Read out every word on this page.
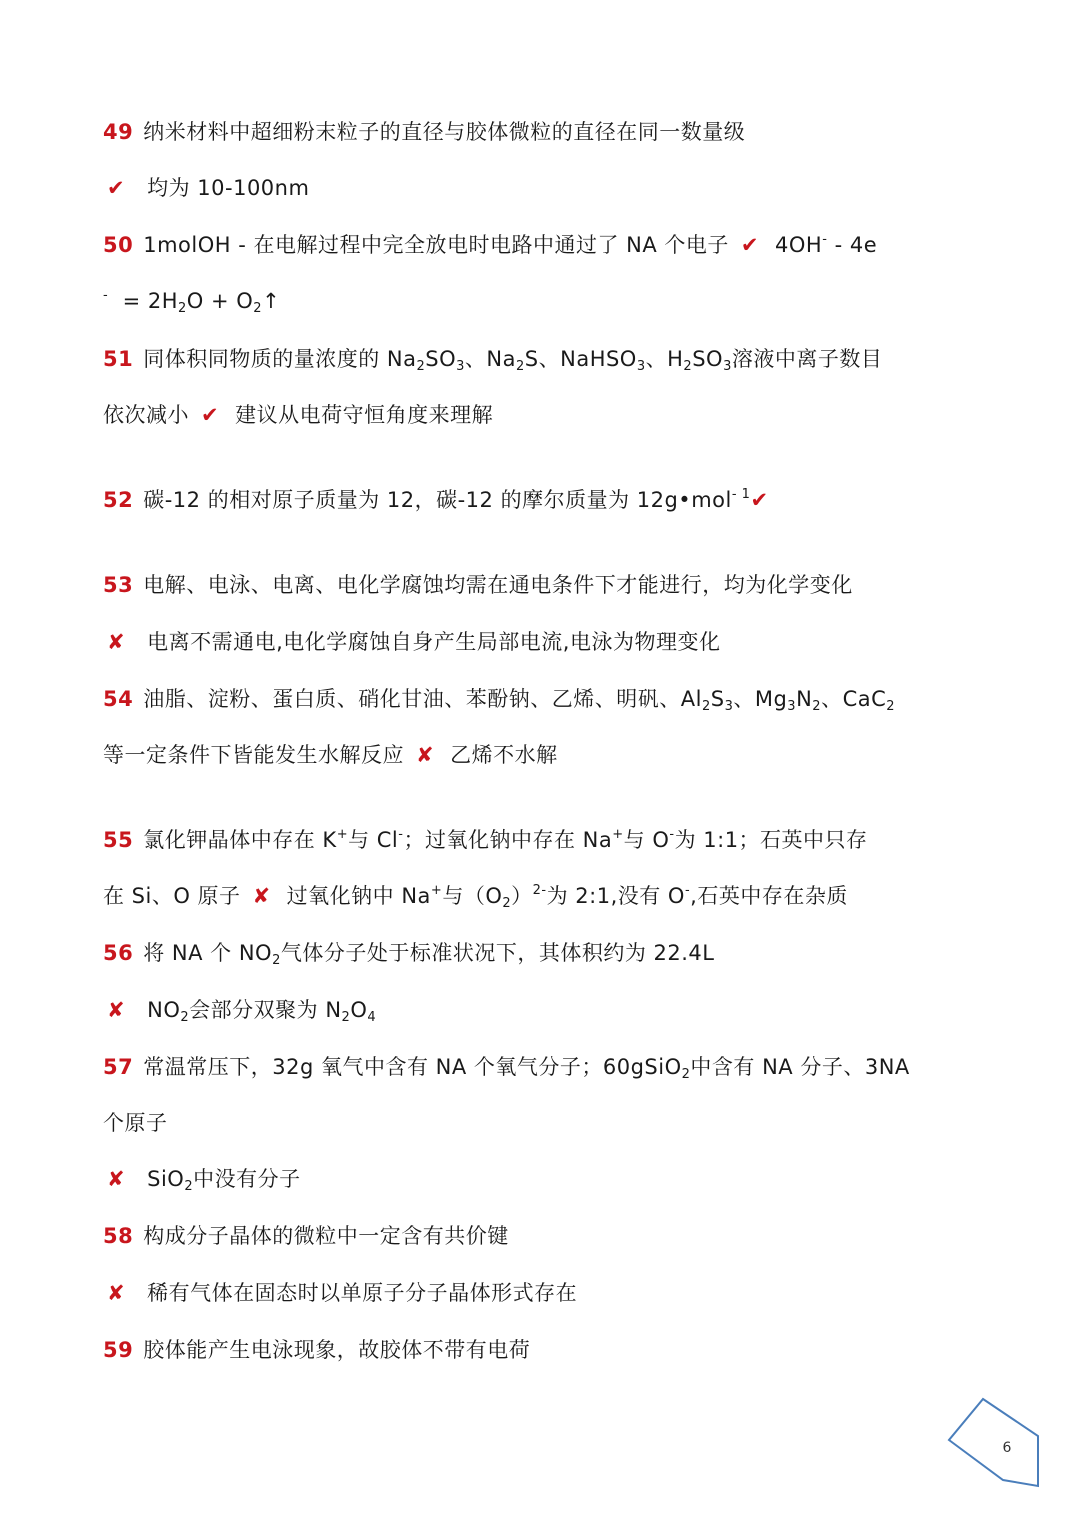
49 纳米材料中超细粉末粒子的直径与胶体微粒的直径在同一数量级
✔ 均为 10-100nm
50 1molOH - 在电解过程中完全放电时电路中通过了 NA 个电子 ✔ 4OH- - 4e
$^- = 2H_2O$ + $O_2↑$
51 同体积同物质的量浓度的 $Na_2SO_3$、$Na_2S$、NaHSO$_3$、$H_2SO_3$溶液中离子数目
依次减小 ✔ 建议从电荷守恒角度来理解
52 碳-12 的相对原子质量为 12，碳-12 的摩尔质量为 12g•mol$^{- 1}$✔
53 电解、电泳、电离、电化学腐蚀均需在通电条件下才能进行，均为化学变化
✘ 电离不需通电,电化学腐蚀自身产生局部电流,电泳为物理变化
54 油脂、淀粉、蛋白质、硝化甘油、苯酚钠、乙烯、明矾、$Al_2S_3$、$Mg_3N_2$、CaC$_2$
等一定条件下皆能发生水解反应 ✘ 乙烯不水解
55 氯化钾晶体中存在 K+与 Cl-；过氧化钠中存在 Na+与 O-为 1:1；石英中只存
在 Si、O 原子 ✘ 过氧化钠中 Na+与$(O_2)^{2-}$为 2:1,没有 O-,石英中存在杂质
56 将 NA 个 $NO_2$气体分子处于标准状况下，其体积约为 22.4L
✘ $NO_2$会部分双聚为 $N_2O_4$
57 常温常压下，32g 氧气中含有 NA 个氧气分子；60gSiO$_2$中含有 NA 分子、3NA
个原子
✘ SiO$_2$中没有分子
58 构成分子晶体的微粒中一定含有共价键
✘ 稀有气体在固态时以单原子分子晶体形式存在
59 胶体能产生电泳现象，故胶体不带有电荷
6
